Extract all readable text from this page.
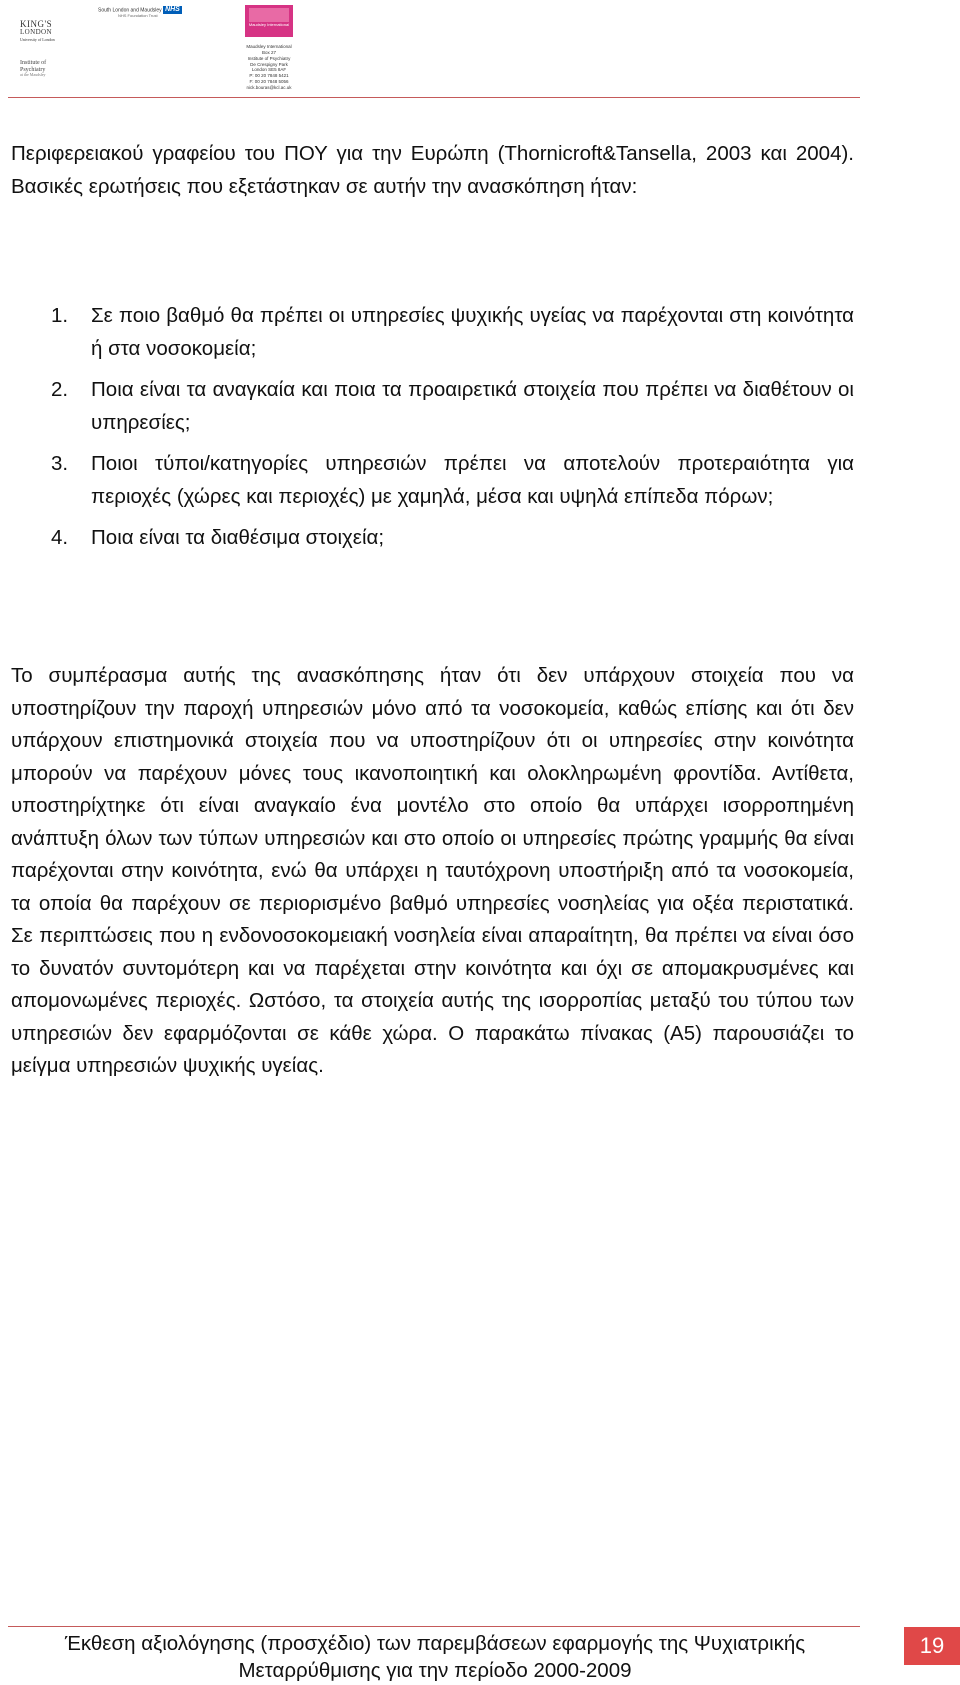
KING'S
LONDON
University of London
Institute of Psychiatry
at the Maudsley
South London and Maudsley NHS
NHS Foundation Trust
Maudsley International
Maudsley International
Box 27
Institute of Psychiatry
De Crespigny Park
London SE5 8AF
P: 00 20 7848 5421
F: 00 20 7848 5056
nick.bouras@kcl.ac.uk

Περιφερειακού γραφείου του ΠΟΥ για την Ευρώπη (Thornicroft&Tansella, 2003 και 2004). Βασικές ερωτήσεις που εξετάστηκαν σε αυτήν την ανασκόπηση ήταν:

1. Σε ποιο βαθμό θα πρέπει οι υπηρεσίες ψυχικής υγείας να παρέχονται στη κοινότητα ή στα νοσοκομεία;
2. Ποια είναι τα αναγκαία και ποια τα προαιρετικά στοιχεία που πρέπει να διαθέτουν οι υπηρεσίες;
3. Ποιοι τύποι/κατηγορίες υπηρεσιών πρέπει να αποτελούν προτεραιότητα για περιοχές (χώρες και περιοχές) με χαμηλά, μέσα και υψηλά επίπεδα πόρων;
4. Ποια είναι τα διαθέσιμα στοιχεία;

Το συμπέρασμα αυτής της ανασκόπησης ήταν ότι δεν υπάρχουν στοιχεία που να υποστηρίζουν την παροχή υπηρεσιών μόνο από τα νοσοκομεία, καθώς επίσης και ότι δεν υπάρχουν επιστημονικά στοιχεία που να υποστηρίζουν ότι οι υπηρεσίες στην κοινότητα μπορούν να παρέχουν μόνες τους ικανοποιητική και ολοκληρωμένη φροντίδα. Αντίθετα, υποστηρίχτηκε ότι είναι αναγκαίο ένα μοντέλο στο οποίο θα υπάρχει ισορροπημένη ανάπτυξη όλων των τύπων υπηρεσιών και στο οποίο οι υπηρεσίες πρώτης γραμμής θα είναι παρέχονται στην κοινότητα, ενώ θα υπάρχει η ταυτόχρονη υποστήριξη από τα νοσοκομεία, τα οποία θα παρέχουν σε περιορισμένο βαθμό υπηρεσίες νοσηλείας για οξέα περιστατικά. Σε περιπτώσεις που η ενδονοσοκομειακή νοσηλεία είναι απαραίτητη, θα πρέπει να είναι όσο το δυνατόν συντομότερη και να παρέχεται στην κοινότητα και όχι σε απομακρυσμένες και απομονωμένες περιοχές. Ωστόσο, τα στοιχεία αυτής της ισορροπίας μεταξύ του τύπου των υπηρεσιών δεν εφαρμόζονται σε κάθε χώρα. Ο παρακάτω πίνακας (Α5) παρουσιάζει το μείγμα υπηρεσιών ψυχικής υγείας.

Έκθεση αξιολόγησης (προσχέδιο) των παρεμβάσεων εφαρμογής της Ψυχιατρικής
Μεταρρύθμισης για την περίοδο 2000-2009
19
